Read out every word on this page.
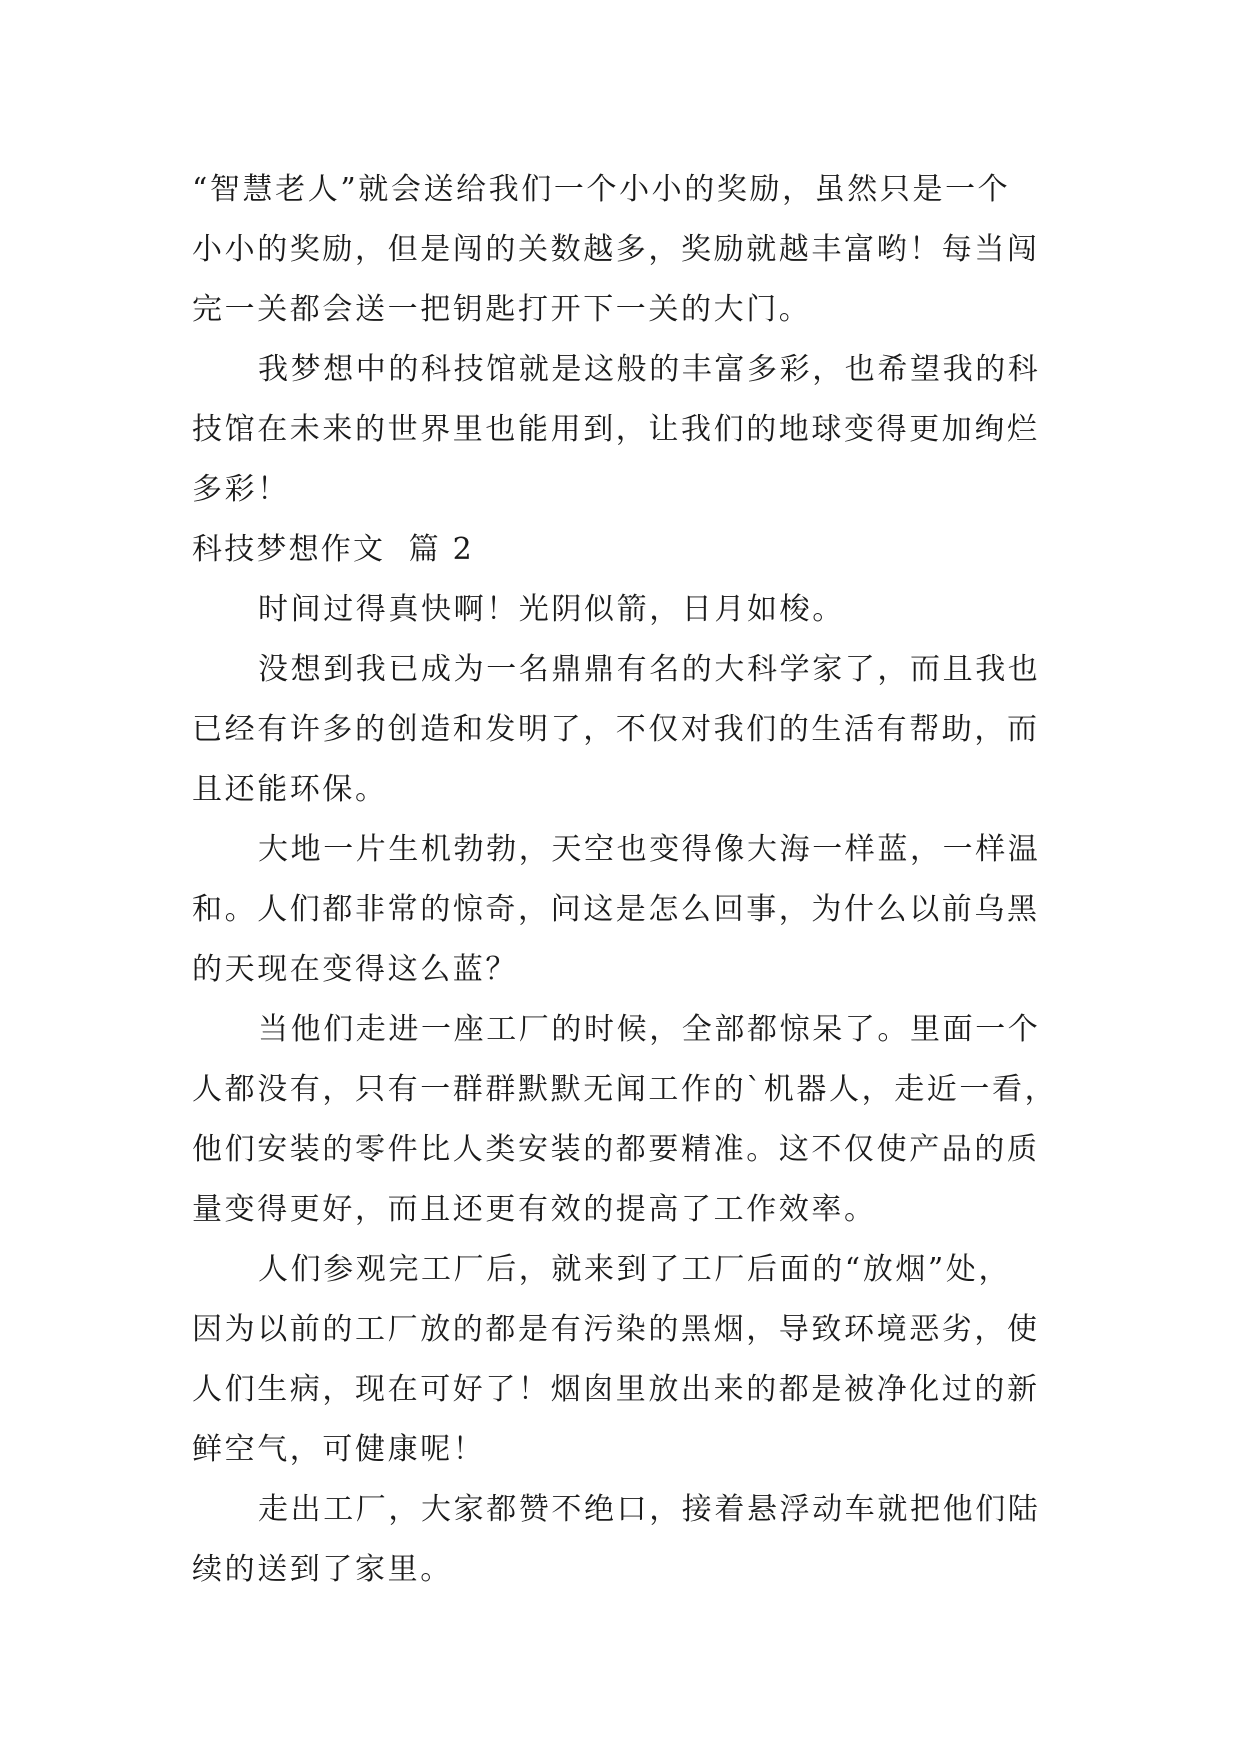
“智慧老人”就会送给我们一个小小的奖励，虽然只是一个
小小的奖励，但是闯的关数越多，奖励就越丰富哟！每当闯
完一关都会送一把钥匙打开下一关的大门。
我梦想中的科技馆就是这般的丰富多彩，也希望我的科
技馆在未来的世界里也能用到，让我们的地球变得更加绚烂
多彩！
科技梦想作文  篇 2
时间过得真快啊！光阴似箭，日月如梭。
没想到我已成为一名鼎鼎有名的大科学家了，而且我也
已经有许多的创造和发明了，不仅对我们的生活有帮助，而
且还能环保。
大地一片生机勃勃，天空也变得像大海一样蓝，一样温
和。人们都非常的惊奇，问这是怎么回事，为什么以前乌黑
的天现在变得这么蓝？
当他们走进一座工厂的时候，全部都惊呆了。里面一个
人都没有，只有一群群默默无闻工作的`机器人，走近一看，
他们安装的零件比人类安装的都要精准。这不仅使产品的质
量变得更好，而且还更有效的提高了工作效率。
人们参观完工厂后，就来到了工厂后面的“放烟”处，
因为以前的工厂放的都是有污染的黑烟，导致环境恶劣，使
人们生病，现在可好了！烟囱里放出来的都是被净化过的新
鲜空气，可健康呢！
走出工厂，大家都赞不绝口，接着悬浮动车就把他们陆
续的送到了家里。
